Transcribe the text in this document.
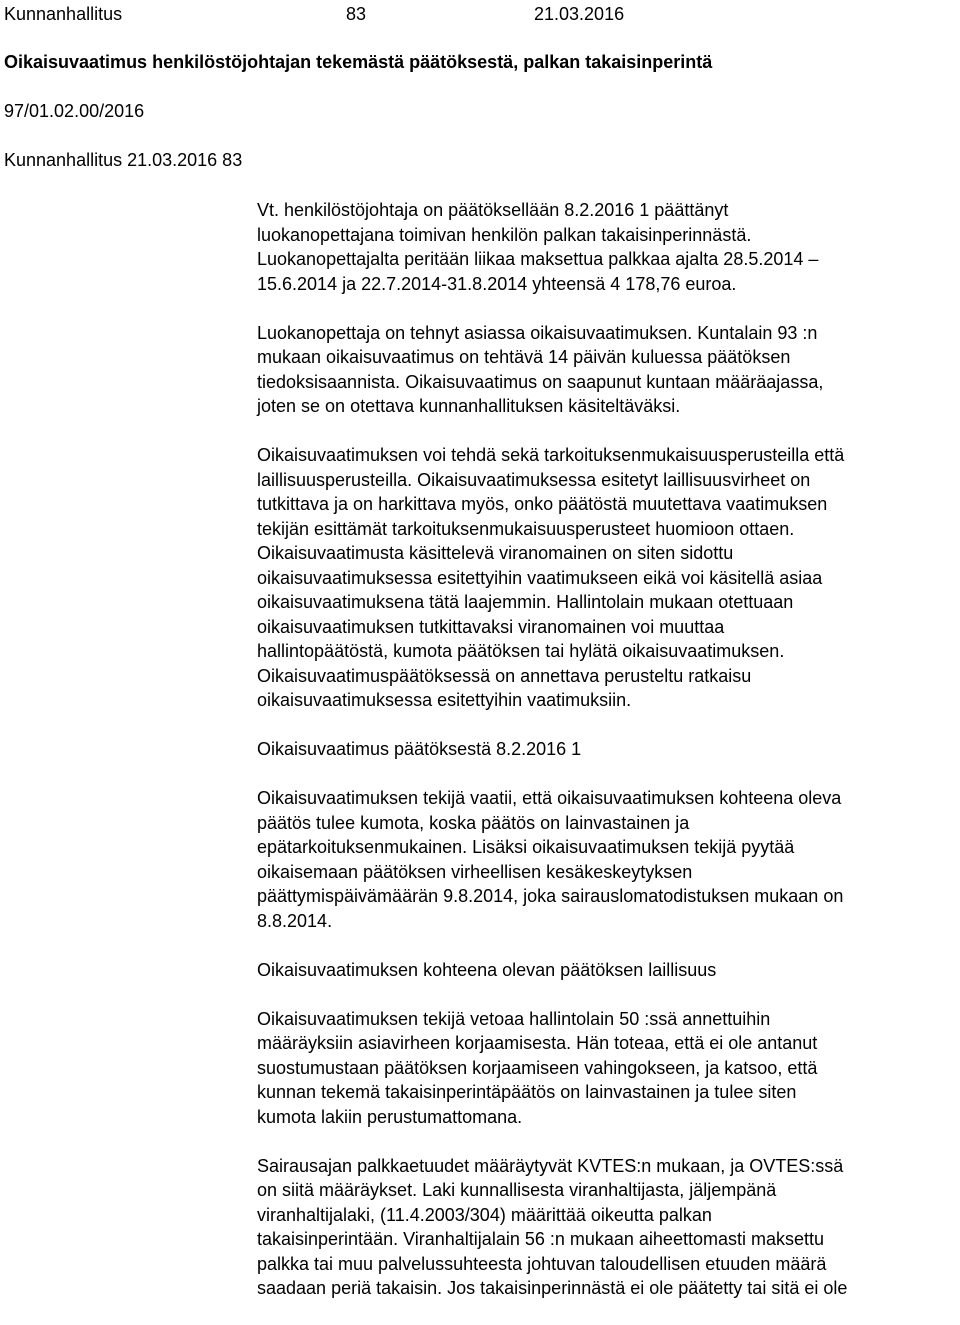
Kunnanhallitus	83	21.03.2016
Oikaisuvaatimus henkilöstöjohtajan tekemästä päätöksestä, palkan takaisinperintä
97/01.02.00/2016
Kunnanhallitus 21.03.2016 83

Vt. henkilöstöjohtaja on päätöksellään 8.2.2016 1 päättänyt

luokanopettajana toimivan henkilön palkan takaisinperinnästä.

Luokanopettajalta peritään liikaa maksettua palkkaa ajalta 28.5.2014 –

15.6.2014 ja 22.7.2014-31.8.2014 yhteensä 4 178,76 euroa.

Luokanopettaja on tehnyt asiassa oikaisuvaatimuksen. Kuntalain 93 :n

mukaan oikaisuvaatimus on tehtävä 14 päivän kuluessa päätöksen

tiedoksisaannista. Oikaisuvaatimus on saapunut kuntaan määräajassa,

joten se on otettava kunnanhallituksen käsiteltäväksi.

Oikaisuvaatimuksen voi tehdä sekä tarkoituksenmukaisuusperusteilla että

laillisuusperusteilla. Oikaisuvaatimuksessa esitetyt laillisuusvirheet on

tutkittava ja on harkittava myös, onko päätöstä muutettava vaatimuksen

tekijän esittämät tarkoituksenmukaisuusperusteet huomioon ottaen.

Oikaisuvaatimusta käsittelevä viranomainen on siten sidottu

oikaisuvaatimuksessa esitettyihin vaatimukseen eikä voi käsitellä asiaa

oikaisuvaatimuksena tätä laajemmin. Hallintolain mukaan otettuaan

oikaisuvaatimuksen tutkittavaksi viranomainen voi muuttaa

hallintopäätöstä, kumota päätöksen tai hylätä oikaisuvaatimuksen.

Oikaisuvaatimuspäätöksessä on annettava perusteltu ratkaisu

oikaisuvaatimuksessa esitettyihin vaatimuksiin.

Oikaisuvaatimus päätöksestä 8.2.2016 1

Oikaisuvaatimuksen tekijä vaatii, että oikaisuvaatimuksen kohteena oleva

päätös tulee kumota, koska päätös on lainvastainen ja

epätarkoituksenmukainen. Lisäksi oikaisuvaatimuksen tekijä pyytää

oikaisemaan päätöksen virheellisen kesäkeskeytyksen

päättymispäivämäärän 9.8.2014, joka sairauslomatodistuksen mukaan on

8.8.2014.

Oikaisuvaatimuksen kohteena olevan päätöksen laillisuus

Oikaisuvaatimuksen tekijä vetoaa hallintolain 50 :ssä annettuihin

määräyksiin asiavirheen korjaamisesta. Hän toteaa, että ei ole antanut

suostumustaan päätöksen korjaamiseen vahingokseen, ja katsoo, että

kunnan tekemä takaisinperintäpäätös on lainvastainen ja tulee siten

kumota lakiin perustumattomana.

Sairausajan palkkaetuudet määräytyvät KVTES:n mukaan, ja OVTES:ssä

on siitä määräykset. Laki kunnallisesta viranhaltijasta, jäljempänä

viranhaltijalaki, (11.4.2003/304) määrittää oikeutta palkan

takaisinperintään. Viranhaltijalain 56 :n mukaan aiheettomasti maksettu

palkka tai muu palvelussuhteesta johtuvan taloudellisen etuuden määrä

saadaan periä takaisin. Jos takaisinperinnästä ei ole päätetty tai sitä ei ole
